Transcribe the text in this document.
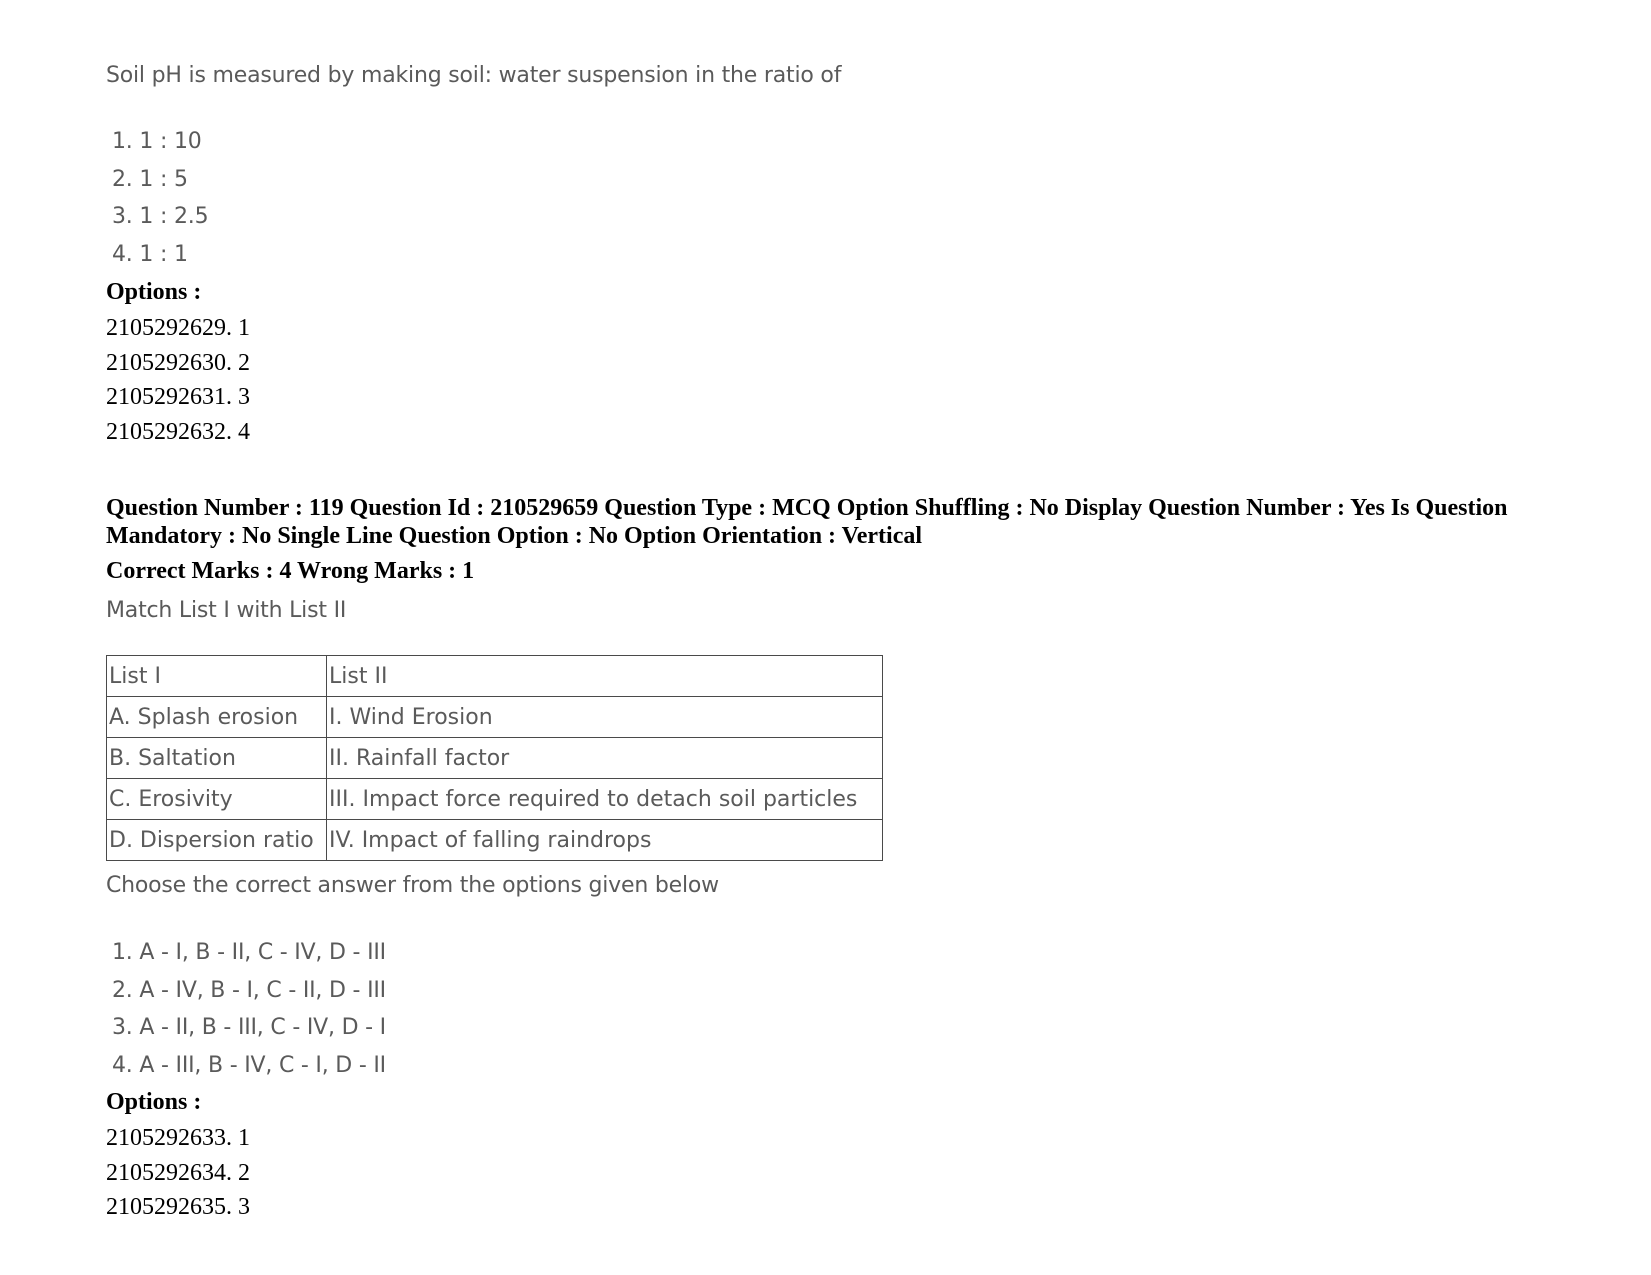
Soil pH is measured by making soil: water suspension in the ratio of
1. 1 : 10
2. 1 : 5
3. 1 : 2.5
4. 1 : 1
Options :
2105292629. 1
2105292630. 2
2105292631. 3
2105292632. 4
Question Number : 119 Question Id : 210529659 Question Type : MCQ Option Shuffling : No Display Question Number : Yes Is Question Mandatory : No Single Line Question Option : No Option Orientation : Vertical
Correct Marks : 4 Wrong Marks : 1
Match List I with List II
List I	List II
A. Splash erosion	I. Wind Erosion
B. Saltation	II. Rainfall factor
C. Erosivity	III. Impact force required to detach soil particles
D. Dispersion ratio	IV. Impact of falling raindrops
Choose the correct answer from the options given below
1. A - I, B - II, C - IV, D - III
2. A - IV, B - I, C - II, D - III
3. A - II, B - III, C - IV, D - I
4. A - III, B - IV, C - I, D - II
Options :
2105292633. 1
2105292634. 2
2105292635. 3
